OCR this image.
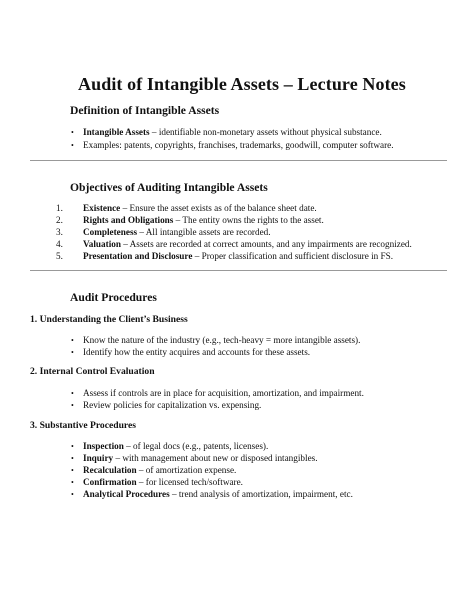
Audit of Intangible Assets – Lecture Notes
Definition of Intangible Assets
• Intangible Assets – identifiable non-monetary assets without physical substance.
• Examples: patents, copyrights, franchises, trademarks, goodwill, computer software.
Objectives of Auditing Intangible Assets
1. Existence – Ensure the asset exists as of the balance sheet date.
2. Rights and Obligations – The entity owns the rights to the asset.
3. Completeness – All intangible assets are recorded.
4. Valuation – Assets are recorded at correct amounts, and any impairments are recognized.
5. Presentation and Disclosure – Proper classification and sufficient disclosure in FS.
Audit Procedures
1. Understanding the Client’s Business
• Know the nature of the industry (e.g., tech-heavy = more intangible assets).
• Identify how the entity acquires and accounts for these assets.
2. Internal Control Evaluation
• Assess if controls are in place for acquisition, amortization, and impairment.
• Review policies for capitalization vs. expensing.
3. Substantive Procedures
• Inspection – of legal docs (e.g., patents, licenses).
• Inquiry – with management about new or disposed intangibles.
• Recalculation – of amortization expense.
• Confirmation – for licensed tech/software.
• Analytical Procedures – trend analysis of amortization, impairment, etc.
